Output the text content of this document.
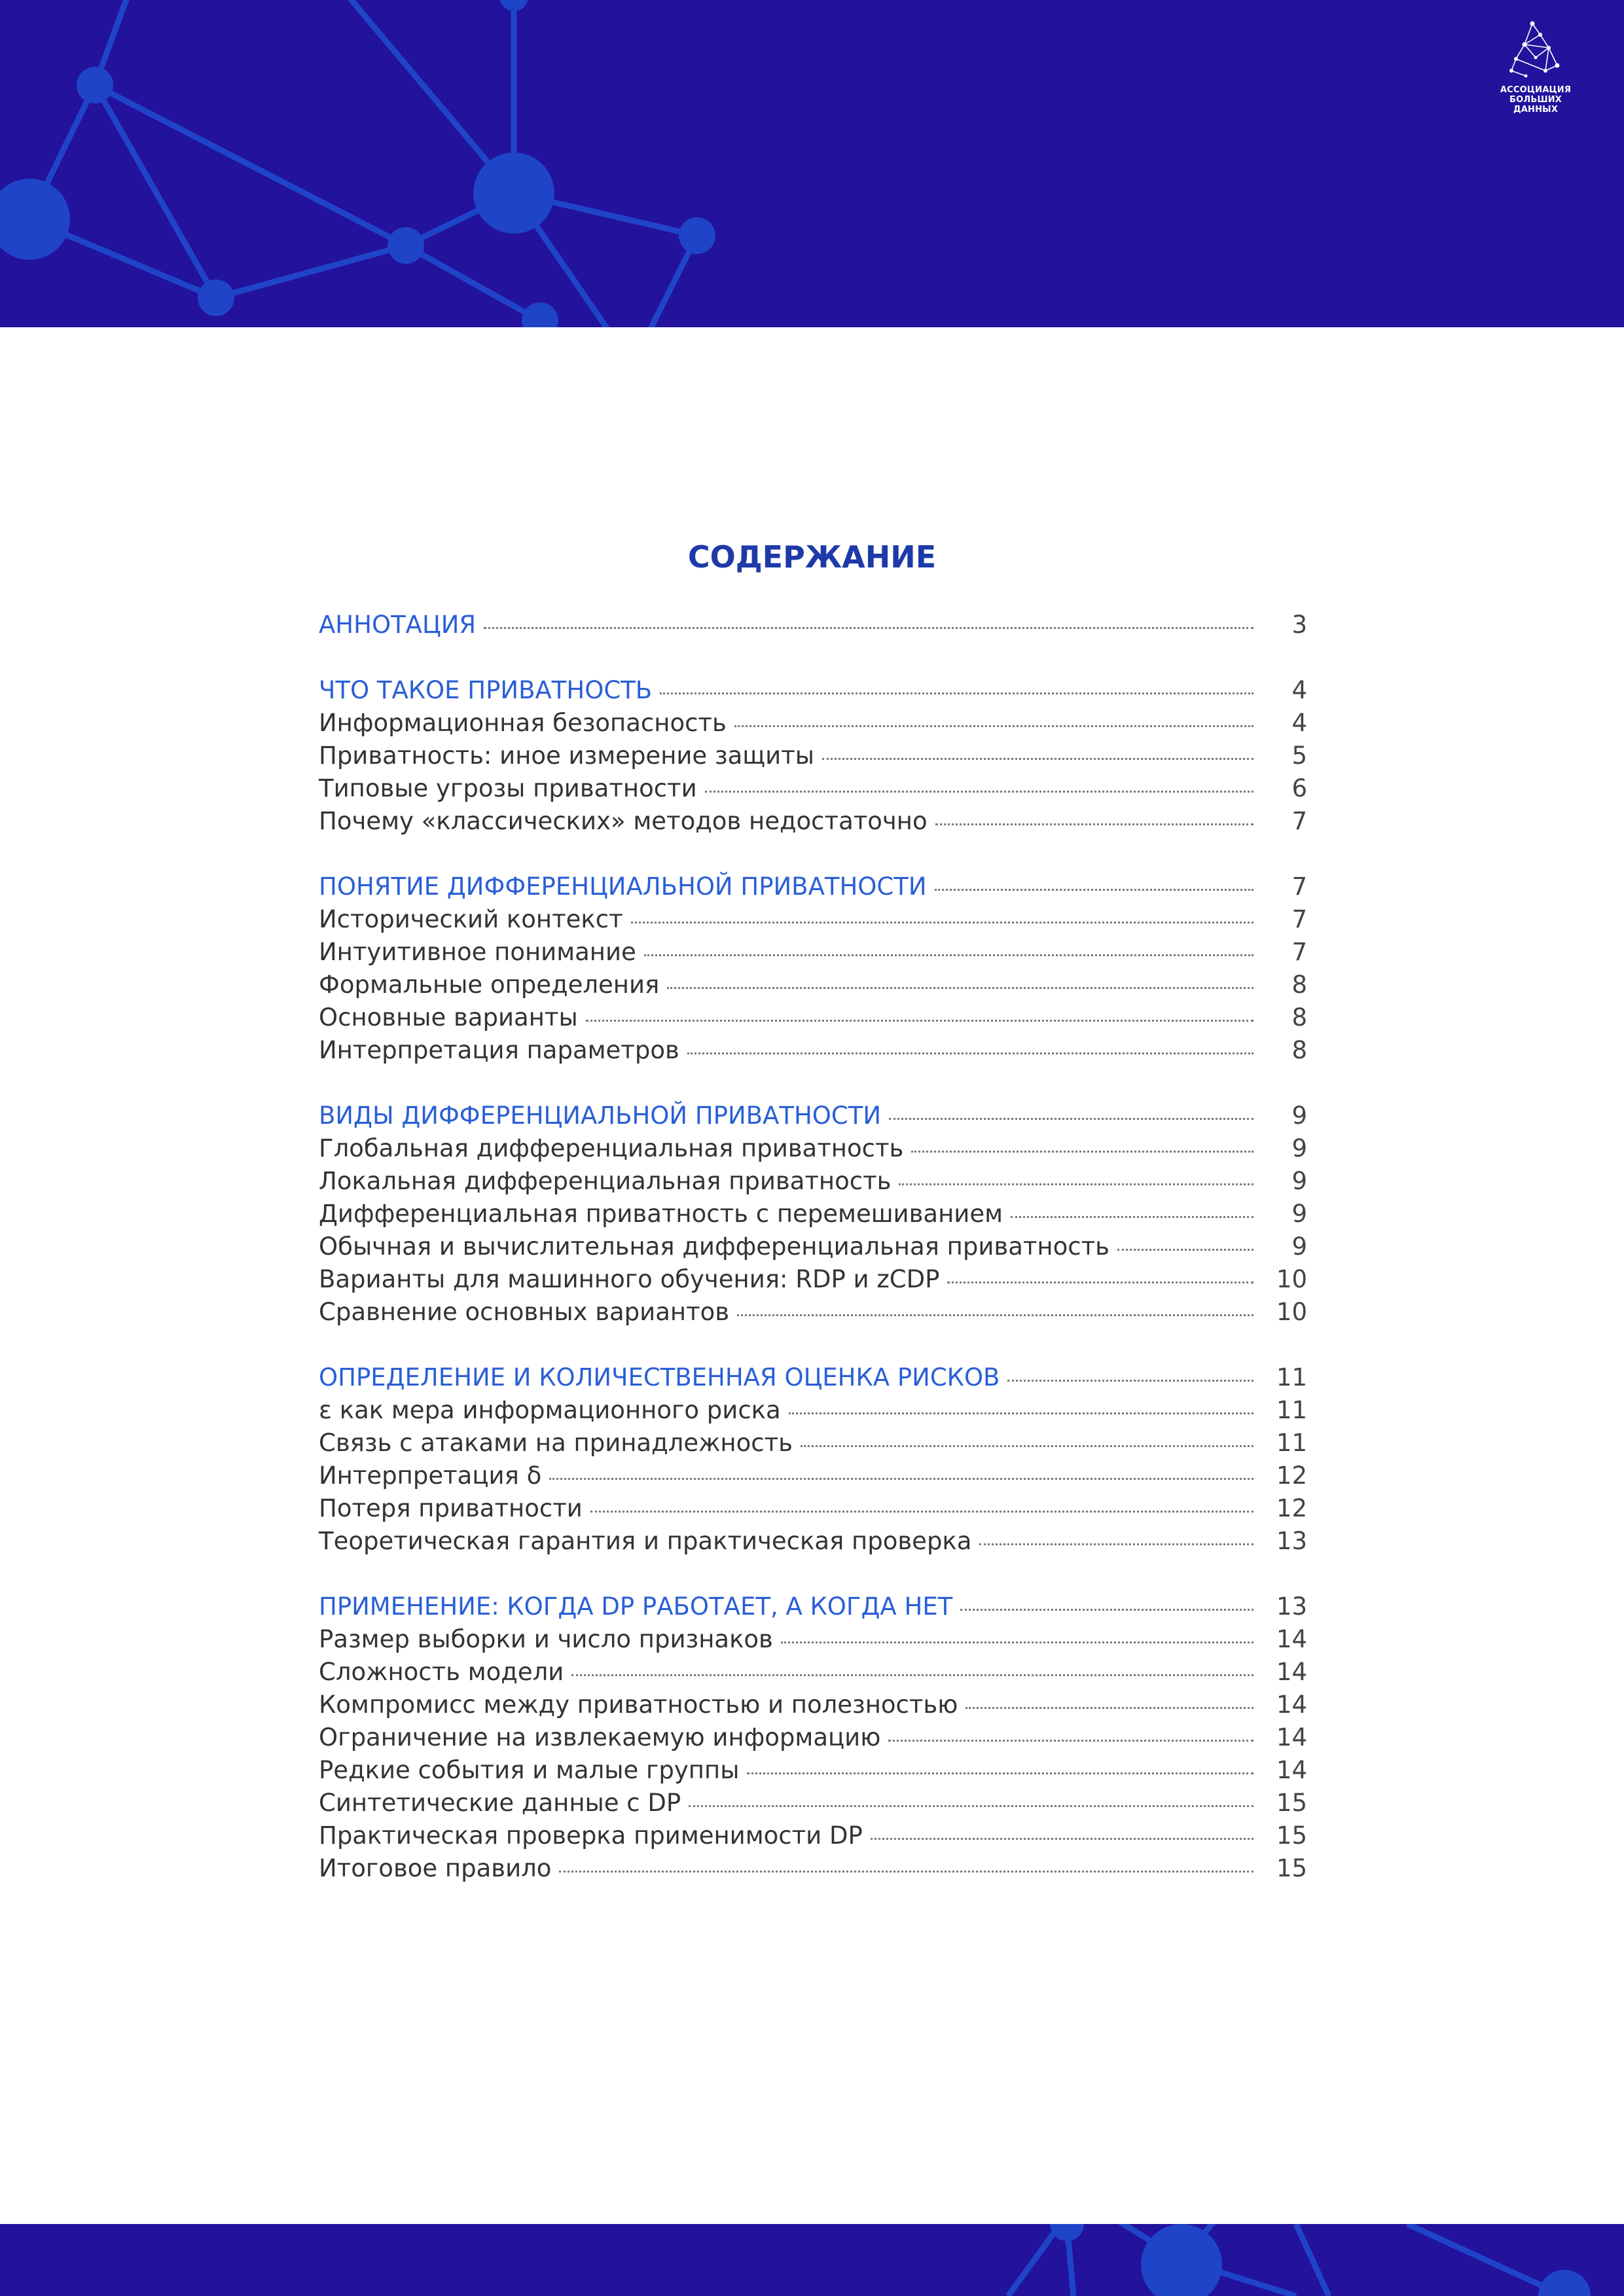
АССОЦИАЦИЯ
БОЛЬШИХ ДАННЫХ
СОДЕРЖАНИЕ
АННОТАЦИЯ	3
ЧТО ТАКОЕ ПРИВАТНОСТЬ	4
Информационная безопасность	4
Приватность: иное измерение защиты	5
Типовые угрозы приватности	6
Почему «классических» методов недостаточно	7
ПОНЯТИЕ ДИФФЕРЕНЦИАЛЬНОЙ ПРИВАТНОСТИ	7
Исторический контекст	7
Интуитивное понимание	7
Формальные определения	8
Основные варианты	8
Интерпретация параметров	8
ВИДЫ ДИФФЕРЕНЦИАЛЬНОЙ ПРИВАТНОСТИ	9
Глобальная дифференциальная приватность	9
Локальная дифференциальная приватность	9
Дифференциальная приватность с перемешиванием	9
Обычная и вычислительная дифференциальная приватность	9
Варианты для машинного обучения: RDP и zCDP	10
Сравнение основных вариантов	10
ОПРЕДЕЛЕНИЕ И КОЛИЧЕСТВЕННАЯ ОЦЕНКА РИСКОВ	11
ε как мера информационного риска	11
Связь с атаками на принадлежность	11
Интерпретация δ	12
Потеря приватности	12
Теоретическая гарантия и практическая проверка	13
ПРИМЕНЕНИЕ: КОГДА DP РАБОТАЕТ, А КОГДА НЕТ	13
Размер выборки и число признаков	14
Сложность модели	14
Компромисс между приватностью и полезностью	14
Ограничение на извлекаемую информацию	14
Редкие события и малые группы	14
Синтетические данные с DP	15
Практическая проверка применимости DP	15
Итоговое правило	15
